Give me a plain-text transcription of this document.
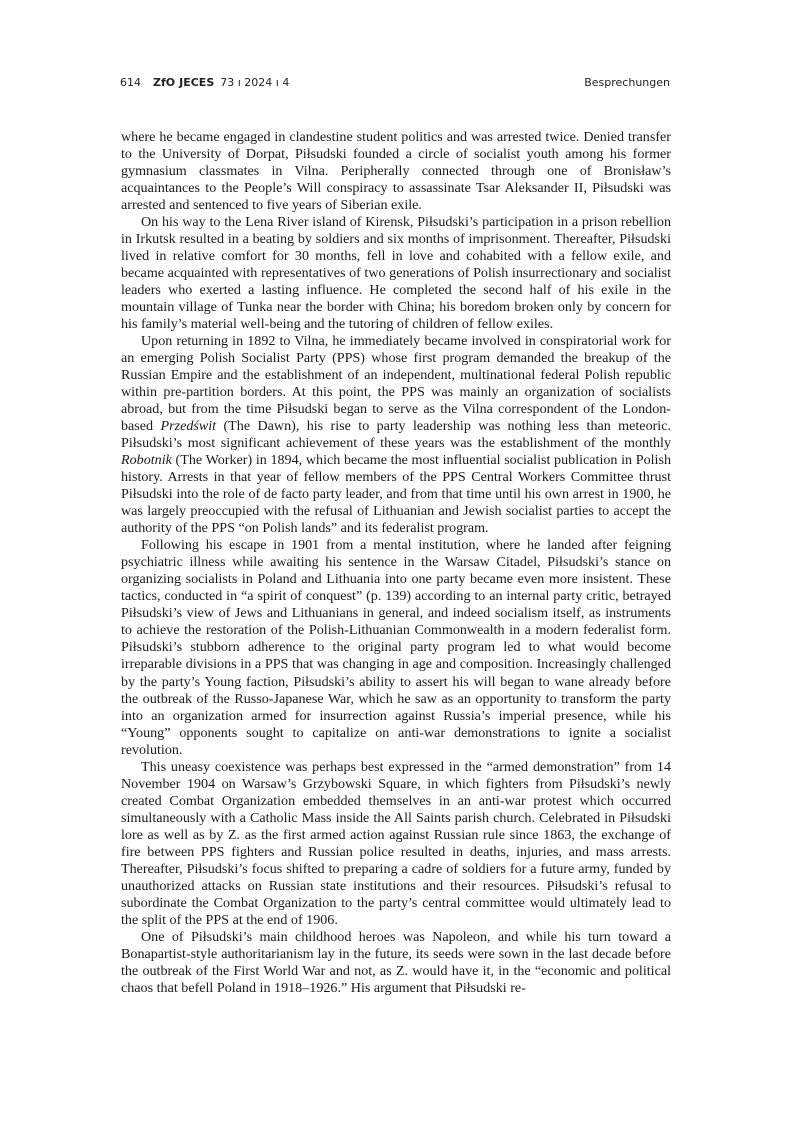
614 ZfO JECES 73 ı 2024 ı 4	Besprechungen

where he became engaged in clandestine student politics and was arrested twice. Denied transfer to the University of Dorpat, Piłsudski founded a circle of socialist youth among his former gymnasium classmates in Vilna. Peripherally connected through one of Bronisław’s acquaintances to the People’s Will conspiracy to assassinate Tsar Aleksander II, Piłsudski was arrested and sentenced to five years of Siberian exile.

On his way to the Lena River island of Kirensk, Piłsudski’s participation in a prison rebellion in Irkutsk resulted in a beating by soldiers and six months of imprisonment. Thereafter, Piłsudski lived in relative comfort for 30 months, fell in love and cohabited with a fellow exile, and became acquainted with representatives of two generations of Polish insurrectionary and socialist leaders who exerted a lasting influence. He completed the second half of his exile in the mountain village of Tunka near the border with China; his boredom broken only by concern for his family’s material well-being and the tutoring of children of fellow exiles.

Upon returning in 1892 to Vilna, he immediately became involved in conspiratorial work for an emerging Polish Socialist Party (PPS) whose first program demanded the breakup of the Russian Empire and the establishment of an independent, multinational federal Polish republic within pre-partition borders. At this point, the PPS was mainly an organization of socialists abroad, but from the time Piłsudski began to serve as the Vilna correspondent of the London-based Przedświt (The Dawn), his rise to party leadership was nothing less than meteoric. Piłsudski’s most significant achievement of these years was the establishment of the monthly Robotnik (The Worker) in 1894, which became the most influential socialist publication in Polish history. Arrests in that year of fellow members of the PPS Central Workers Committee thrust Piłsudski into the role of de facto party leader, and from that time until his own arrest in 1900, he was largely preoccupied with the refusal of Lithuanian and Jewish socialist parties to accept the authority of the PPS “on Polish lands” and its federalist program.

Following his escape in 1901 from a mental institution, where he landed after feigning psychiatric illness while awaiting his sentence in the Warsaw Citadel, Piłsudski’s stance on organizing socialists in Poland and Lithuania into one party became even more insistent. These tactics, conducted in “a spirit of conquest” (p. 139) according to an internal party critic, betrayed Piłsudski’s view of Jews and Lithuanians in general, and indeed socialism itself, as instruments to achieve the restoration of the Polish-Lithuanian Commonwealth in a modern federalist form. Piłsudski’s stubborn adherence to the original party program led to what would become irreparable divisions in a PPS that was changing in age and composition. Increasingly challenged by the party’s Young faction, Piłsudski’s ability to assert his will began to wane already before the outbreak of the Russo-Japanese War, which he saw as an opportunity to transform the party into an organization armed for insurrection against Russia’s imperial presence, while his “Young” opponents sought to capitalize on anti-war demonstrations to ignite a socialist revolution.

This uneasy coexistence was perhaps best expressed in the “armed demonstration” from 14 November 1904 on Warsaw’s Grzybowski Square, in which fighters from Piłsudski’s newly created Combat Organization embedded themselves in an anti-war protest which occurred simultaneously with a Catholic Mass inside the All Saints parish church. Celebrated in Piłsudski lore as well as by Z. as the first armed action against Russian rule since 1863, the exchange of fire between PPS fighters and Russian police resulted in deaths, injuries, and mass arrests. Thereafter, Piłsudski’s focus shifted to preparing a cadre of soldiers for a future army, funded by unauthorized attacks on Russian state institutions and their resources. Piłsudski’s refusal to subordinate the Combat Organization to the party’s central committee would ultimately lead to the split of the PPS at the end of 1906.

One of Piłsudski’s main childhood heroes was Napoleon, and while his turn toward a Bonapartist-style authoritarianism lay in the future, its seeds were sown in the last decade before the outbreak of the First World War and not, as Z. would have it, in the “economic and political chaos that befell Poland in 1918–1926.” His argument that Piłsudski re-
